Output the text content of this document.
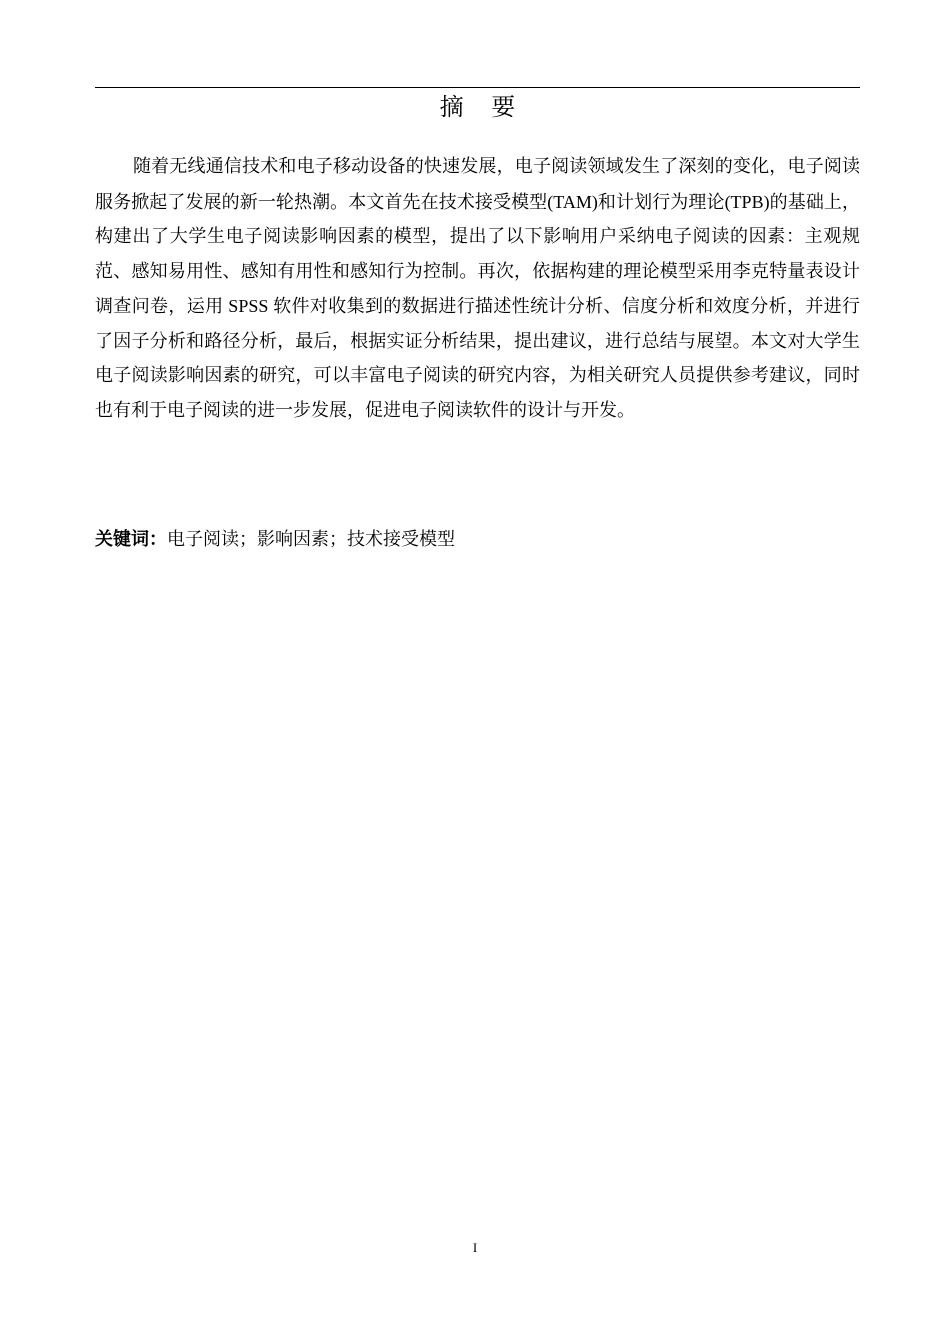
摘 要

随着无线通信技术和电子移动设备的快速发展，电子阅读领域发生了深刻的变化，电子阅读服务掀起了发展的新一轮热潮。本文首先在技术接受模型(TAM)和计划行为理论(TPB)的基础上，构建出了大学生电子阅读影响因素的模型，提出了以下影响用户采纳电子阅读的因素：主观规范、感知易用性、感知有用性和感知行为控制。再次，依据构建的理论模型采用李克特量表设计调查问卷，运用 SPSS 软件对收集到的数据进行描述性统计分析、信度分析和效度分析，并进行了因子分析和路径分析，最后，根据实证分析结果，提出建议，进行总结与展望。本文对大学生电子阅读影响因素的研究，可以丰富电子阅读的研究内容，为相关研究人员提供参考建议，同时也有利于电子阅读的进一步发展，促进电子阅读软件的设计与开发。

关键词：电子阅读；影响因素；技术接受模型
I
